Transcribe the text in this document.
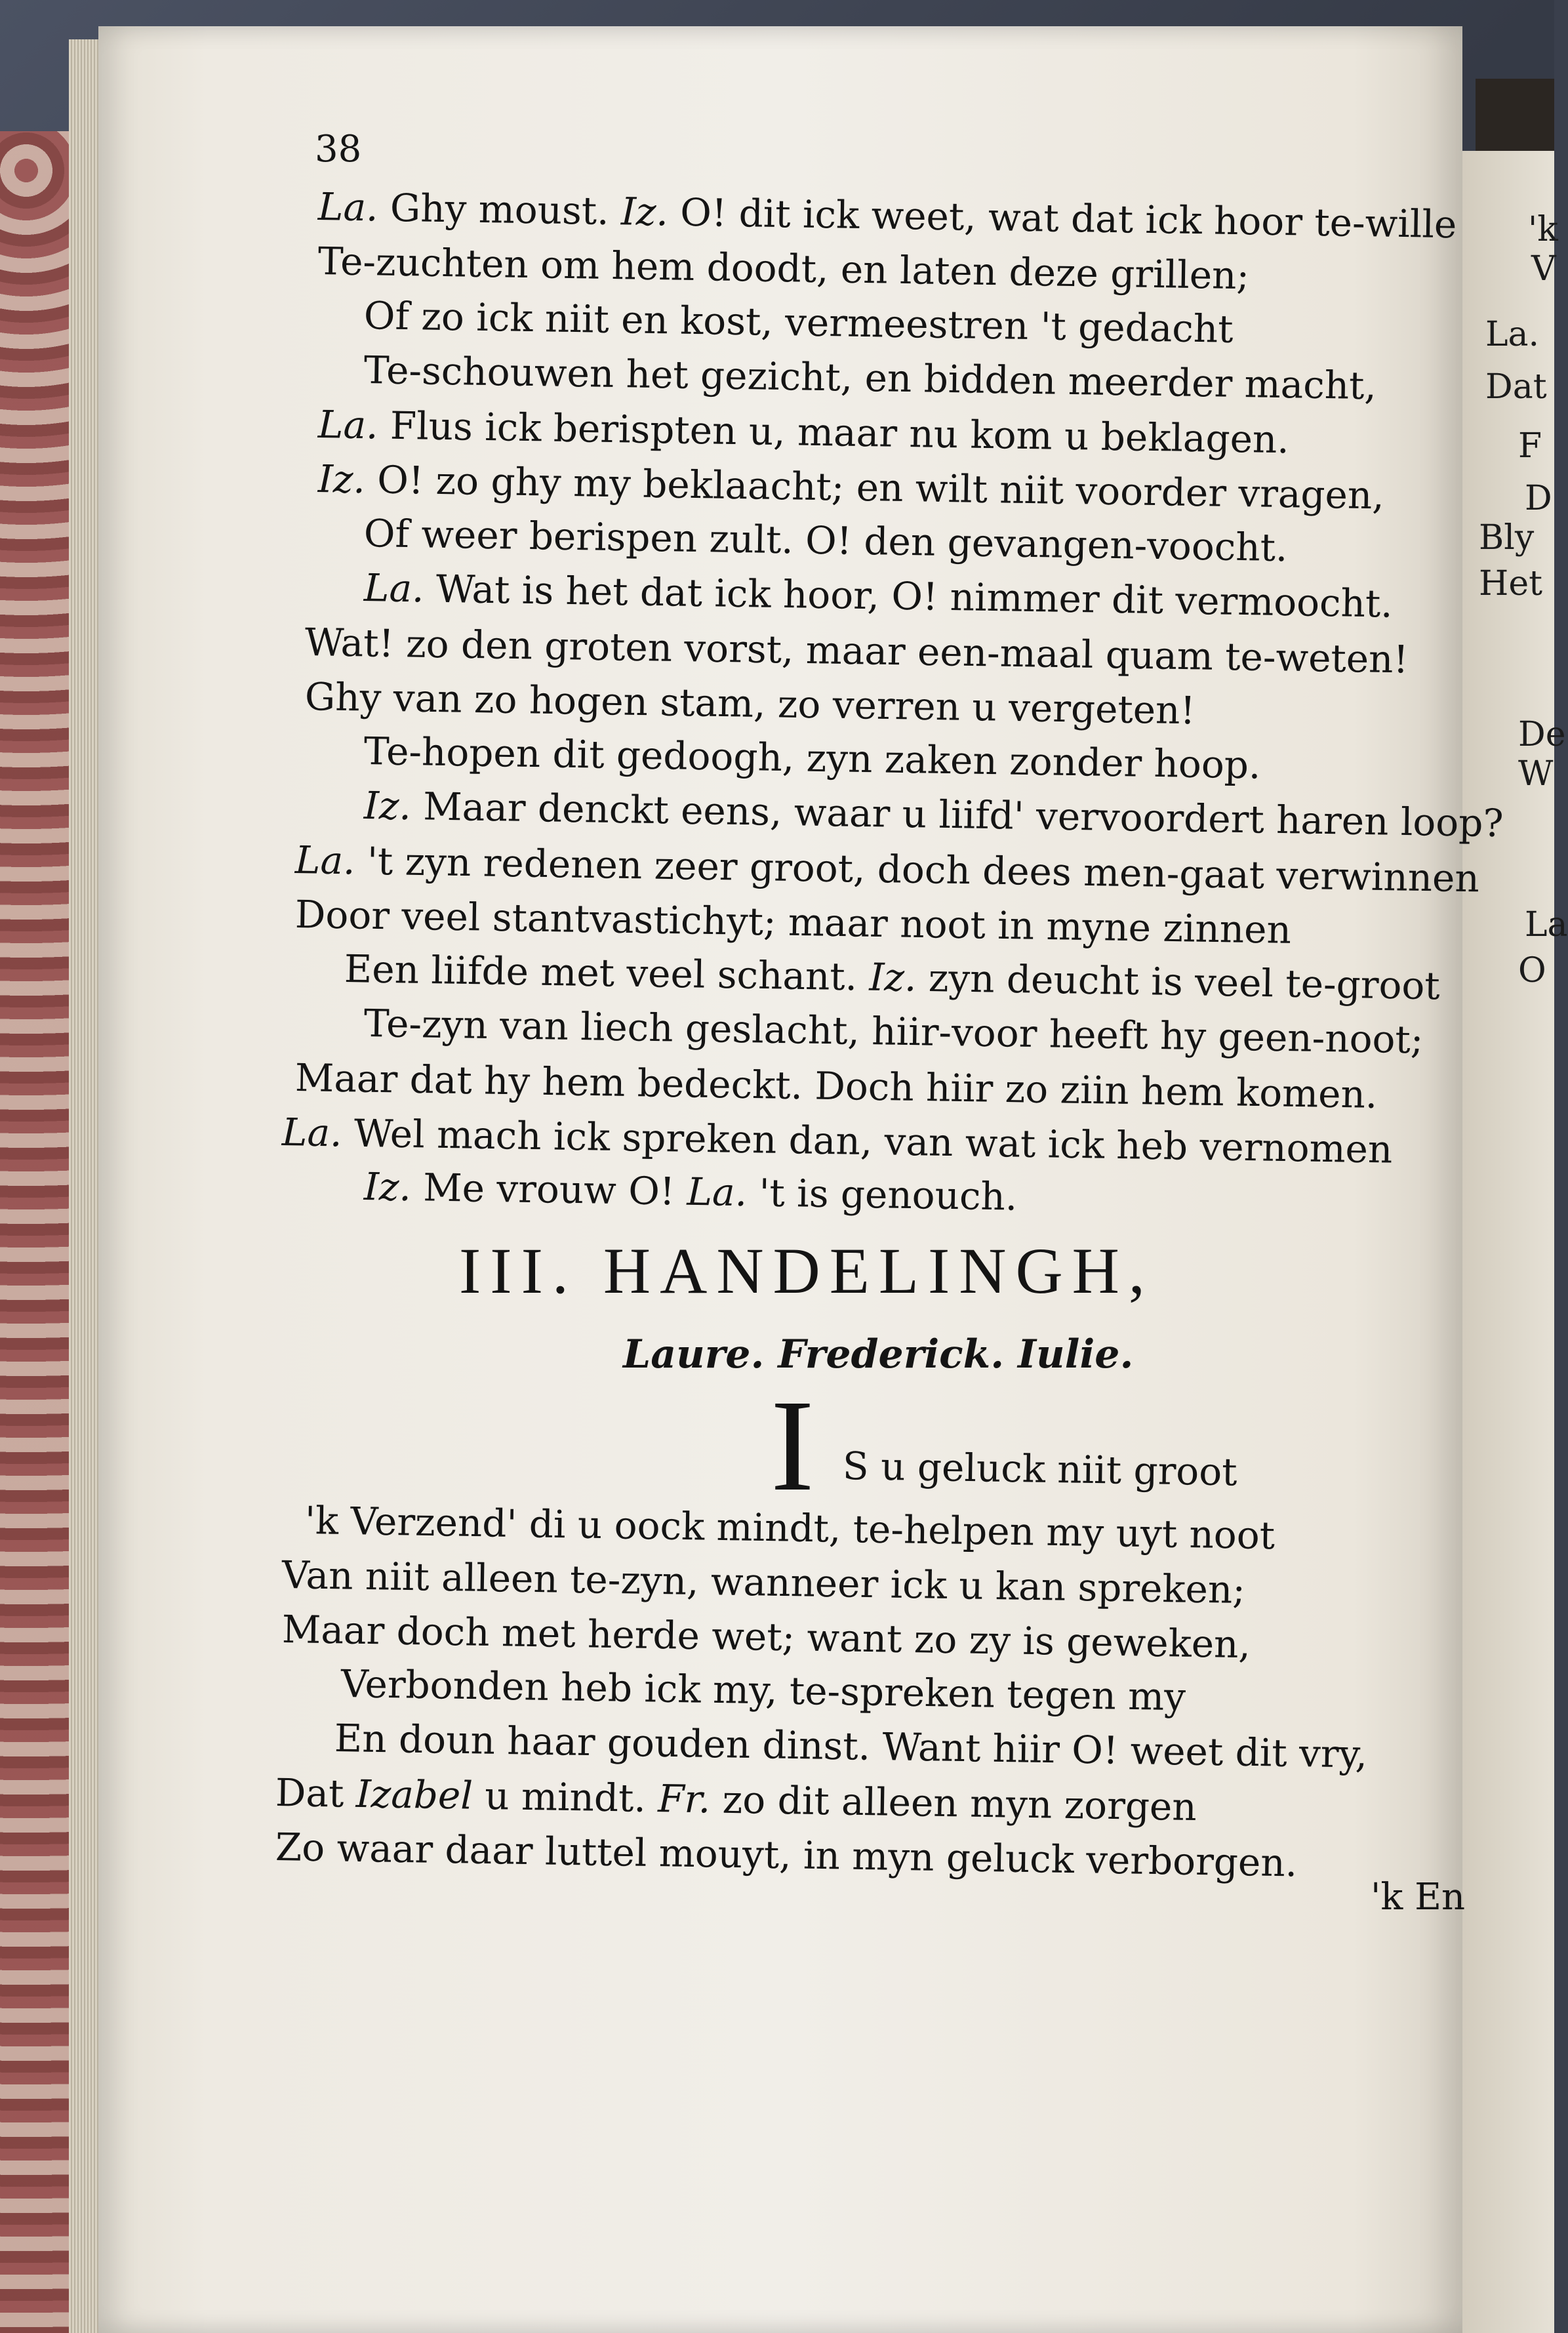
'k
V
La.
Dat
F
D
Bly
Het
De
W
La
O
38
La. Ghy moust. Iz. O! dit ick weet, wat dat ick hoor te-wille
Te-zuchten om hem doodt, en laten deze grillen;
Of zo ick niit en kost, vermeestren 't gedacht
Te-schouwen het gezicht, en bidden meerder macht,
La. Flus ick berispten u, maar nu kom u beklagen.
Iz. O! zo ghy my beklaacht; en wilt niit voorder vragen,
Of weer berispen zult. O! den gevangen-voocht.
La. Wat is het dat ick hoor, O! nimmer dit vermoocht.
Wat! zo den groten vorst, maar een-maal quam te-weten!
Ghy van zo hogen stam, zo verren u vergeten!
Te-hopen dit gedoogh, zyn zaken zonder hoop.
Iz. Maar denckt eens, waar u liifd' vervoordert haren loop?
La. 't zyn redenen zeer groot, doch dees men-gaat verwinnen
Door veel stantvastichyt; maar noot in myne zinnen
Een liifde met veel schant. Iz. zyn deucht is veel te-groot
Te-zyn van liech geslacht, hiir-voor heeft hy geen-noot;
Maar dat hy hem bedeckt. Doch hiir zo ziin hem komen.
La. Wel mach ick spreken dan, van wat ick heb vernomen
Iz. Me vrouw O! La. 't is genouch.
III. HANDELINGH,
Laure. Frederick. Iulie.
I S u geluck niit groot
'k Verzend' di u oock mindt, te-helpen my uyt noot
Van niit alleen te-zyn, wanneer ick u kan spreken;
Maar doch met herde wet; want zo zy is geweken,
Verbonden heb ick my, te-spreken tegen my
En doun haar gouden dinst. Want hiir O! weet dit vry,
Dat Izabel u mindt. Fr. zo dit alleen myn zorgen
Zo waar daar luttel mouyt, in myn geluck verborgen.
'k En
